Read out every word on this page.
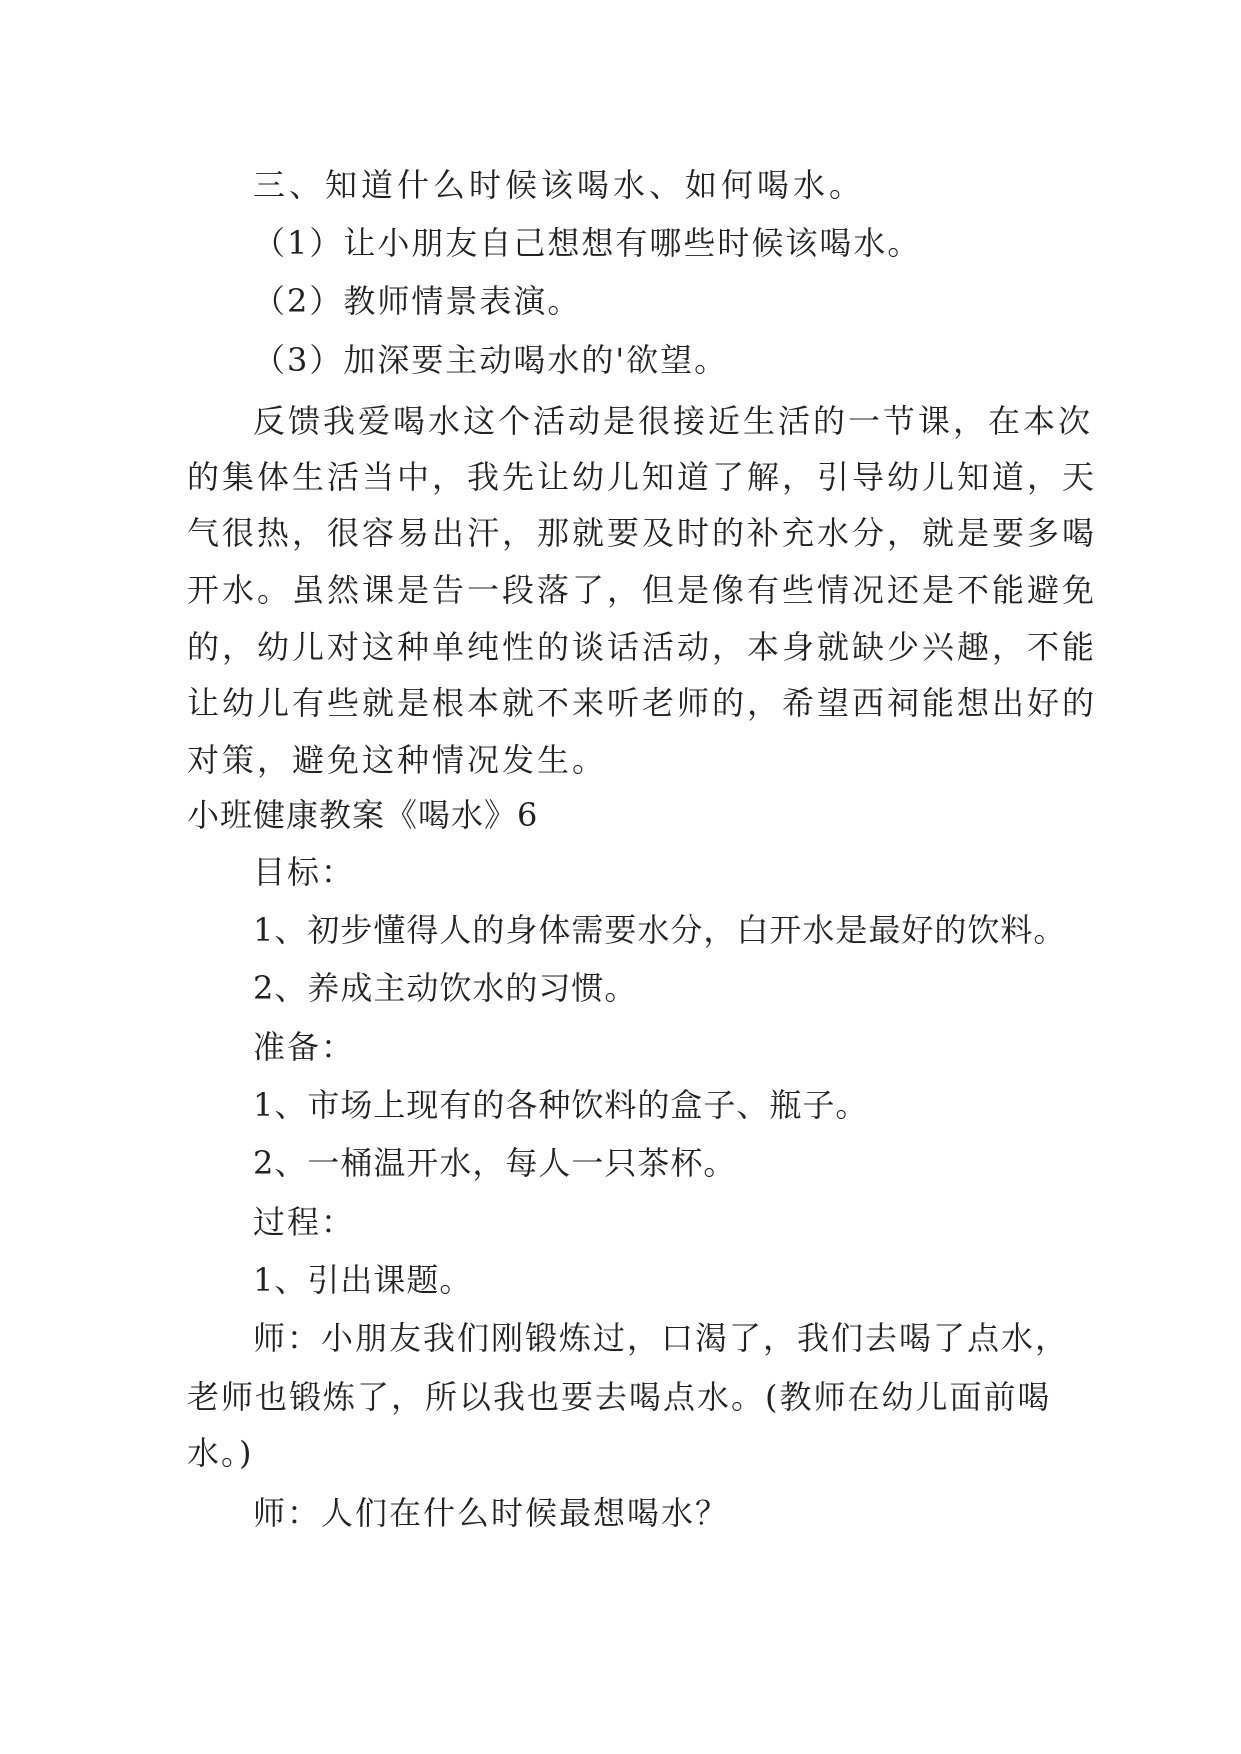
三、知道什么时候该喝水、如何喝水。

（1）让小朋友自己想想有哪些时候该喝水。

（2）教师情景表演。

（3）加深要主动喝水的'欲望。

反馈我爱喝水这个活动是很接近生活的一节课，在本次

的集体生活当中，我先让幼儿知道了解，引导幼儿知道，天

气很热，很容易出汗，那就要及时的补充水分，就是要多喝

开水。虽然课是告一段落了，但是像有些情况还是不能避免

的，幼儿对这种单纯性的谈话活动，本身就缺少兴趣，不能

让幼儿有些就是根本就不来听老师的，希望西祠能想出好的

对策，避免这种情况发生。

小班健康教案《喝水》6

目标：

1、初步懂得人的身体需要水分，白开水是最好的饮料。

2、养成主动饮水的习惯。

准备：

1、市场上现有的各种饮料的盒子、瓶子。

2、一桶温开水，每人一只茶杯。

过程：

1、引出课题。

师：小朋友我们刚锻炼过，口渴了，我们去喝了点水，

老师也锻炼了，所以我也要去喝点水。(教师在幼儿面前喝

水。)

师：人们在什么时候最想喝水？
